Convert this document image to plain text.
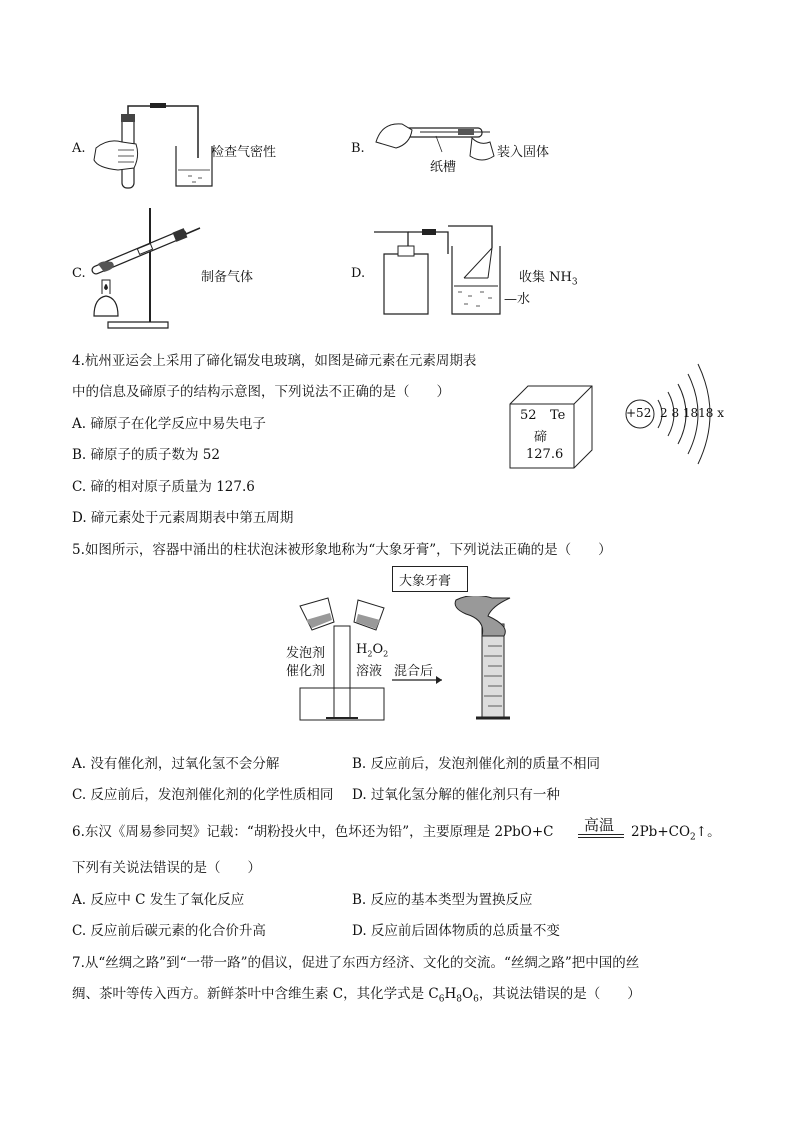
A.	检查气密性	B.
纸槽
装入固体
C.	制备气体	D.	收集 $NH_3$
—水
4.杭州亚运会上采用了碲化镉发电玻璃，如图是碲元素在元素周期表
中的信息及碲原子的结构示意图，下列说法不正确的是（　　）
A. 碲原子在化学反应中易失电子
B. 碲原子的质子数为 52
C. 碲的相对原子质量为 127.6
D. 碲元素处于元素周期表中第五周期
52 Te
碲
127.6
+52 2 8 1818 x
5.如图所示，容器中涌出的柱状泡沫被形象地称为“大象牙膏”，下列说法正确的是（　　）
大象牙膏
发泡剂
催化剂
$H_2O_2$
溶液 混合后
A. 没有催化剂，过氧化氢不会分解	B. 反应前后，发泡剂催化剂的质量不相同
C. 反应前后，发泡剂催化剂的化学性质相同 D. 过氧化氢分解的催化剂只有一种
6.东汉《周易参同契》记载：“胡粉投火中，色坏还为铅”，主要原理是 2PbO+C 高温 $2Pb+CO_2↑$。
下列有关说法错误的是（　　）
A. 反应中 C 发生了氧化反应	B. 反应的基本类型为置换反应
C. 反应前后碳元素的化合价升高	D. 反应前后固体物质的总质量不变
7.从“丝绸之路”到“一带一路”的倡议，促进了东西方经济、文化的交流。“丝绸之路”把中国的丝
绸、茶叶等传入西方。新鲜茶叶中含维生素 C，其化学式是 $C_6H_8O_6$，其说法错误的是（　　）
